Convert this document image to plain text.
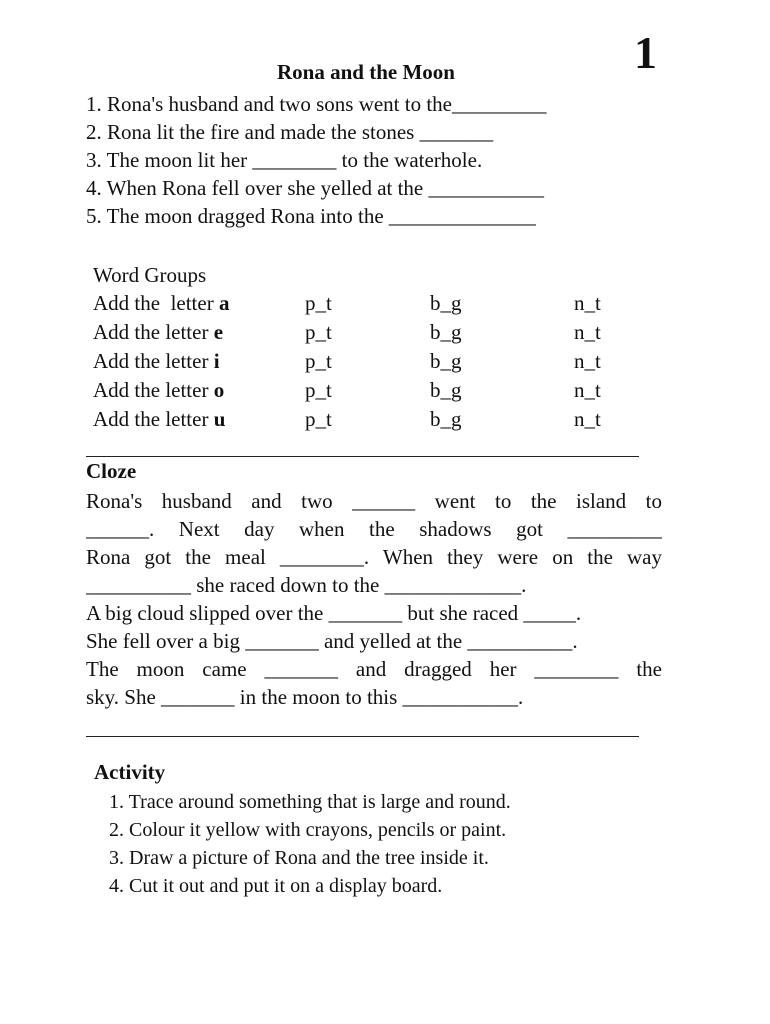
1
Rona and the Moon
1. Rona's husband and two sons went to the_________
2. Rona lit the fire and made the stones _______
3. The moon lit her ________ to the waterhole.
4. When Rona fell over she yelled at the ___________
5. The moon dragged Rona into the ______________
Word Groups
Add the  letter a	p_t	b_g	n_t
Add the letter e	p_t	b_g	n_t
Add the letter i	p_t	b_g	n_t
Add the letter o	p_t	b_g	n_t
Add the letter u	p_t	b_g	n_t
Cloze
Rona's husband and two ______ went to the island to
______. Next day when the shadows got _________
Rona got the meal ________. When they were on the way
__________ she raced down to the _____________.
A big cloud slipped over the _______ but she raced _____.
She fell over a big _______ and yelled at the __________.
The moon came _______ and dragged her ________ the
sky. She _______ in the moon to this ___________.
Activity
1. Trace around something that is large and round.
2. Colour it yellow with crayons, pencils or paint.
3. Draw a picture of Rona and the tree inside it.
4. Cut it out and put it on a display board.
